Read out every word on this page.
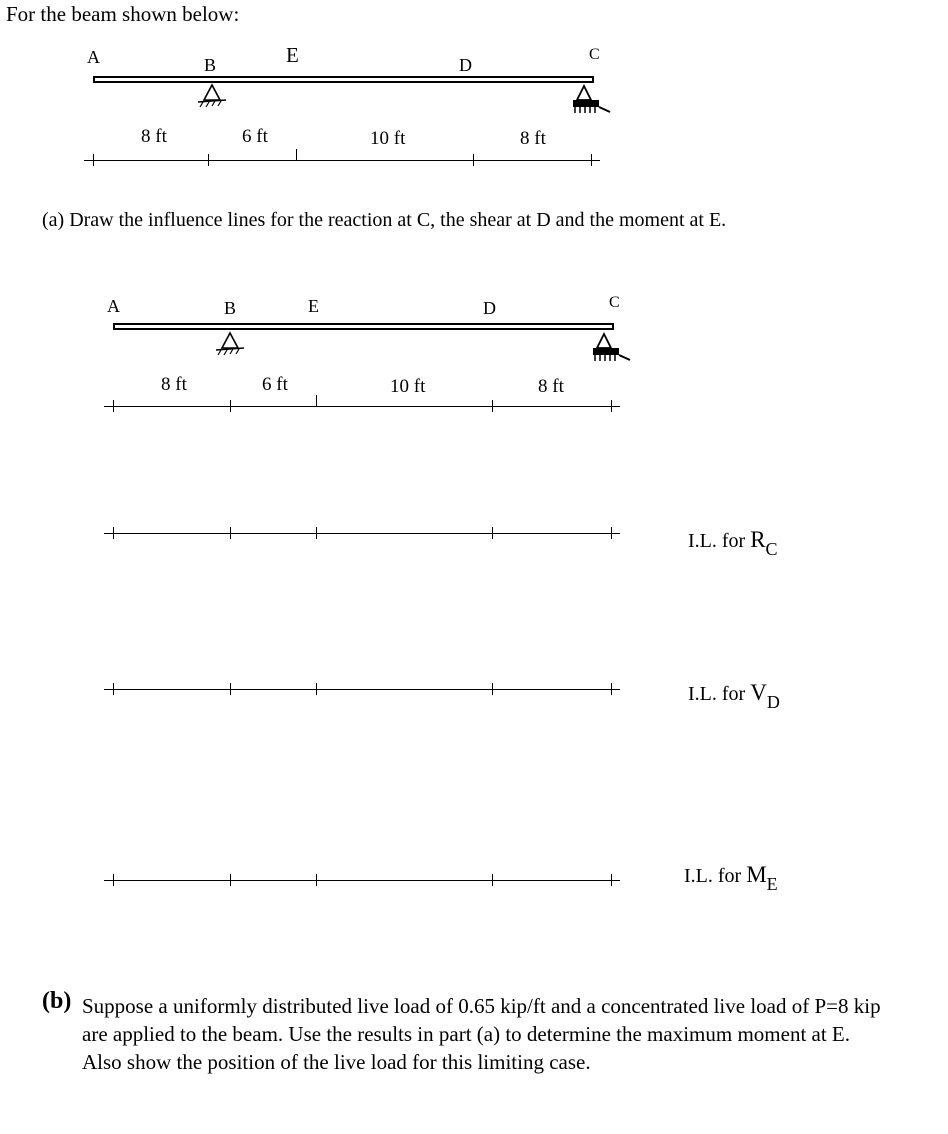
For the beam shown below:
A	B	E	D
C
8 ft	6 ft	10 ft	8 ft
(a) Draw the influence lines for the reaction at C, the shear at D and the moment at E.
A	B	E	D	C
8 ft	6 ft	10 ft	8 ft
I.L. for RC
I.L. for VD
I.L. for ME
(b) Suppose a uniformly distributed live load of 0.65 kip/ft and a concentrated live load of P=8 kip are applied to the beam. Use the results in part (a) to determine the maximum moment at E. Also show the position of the live load for this limiting case.
